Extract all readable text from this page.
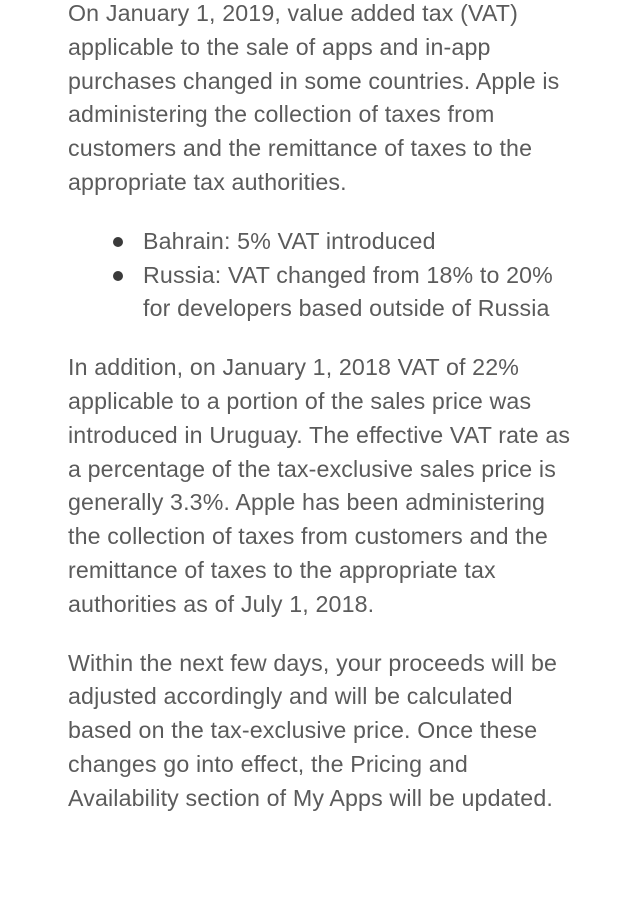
On January 1, 2019, value added tax (VAT) applicable to the sale of apps and in-app purchases changed in some countries. Apple is administering the collection of taxes from customers and the remittance of taxes to the appropriate tax authorities.

Bahrain: 5% VAT introduced
Russia: VAT changed from 18% to 20% for developers based outside of Russia

In addition, on January 1, 2018 VAT of 22% applicable to a portion of the sales price was introduced in Uruguay. The effective VAT rate as a percentage of the tax-exclusive sales price is generally 3.3%. Apple has been administering the collection of taxes from customers and the remittance of taxes to the appropriate tax authorities as of July 1, 2018.

Within the next few days, your proceeds will be adjusted accordingly and will be calculated based on the tax-exclusive price. Once these changes go into effect, the Pricing and Availability section of My Apps will be updated.
